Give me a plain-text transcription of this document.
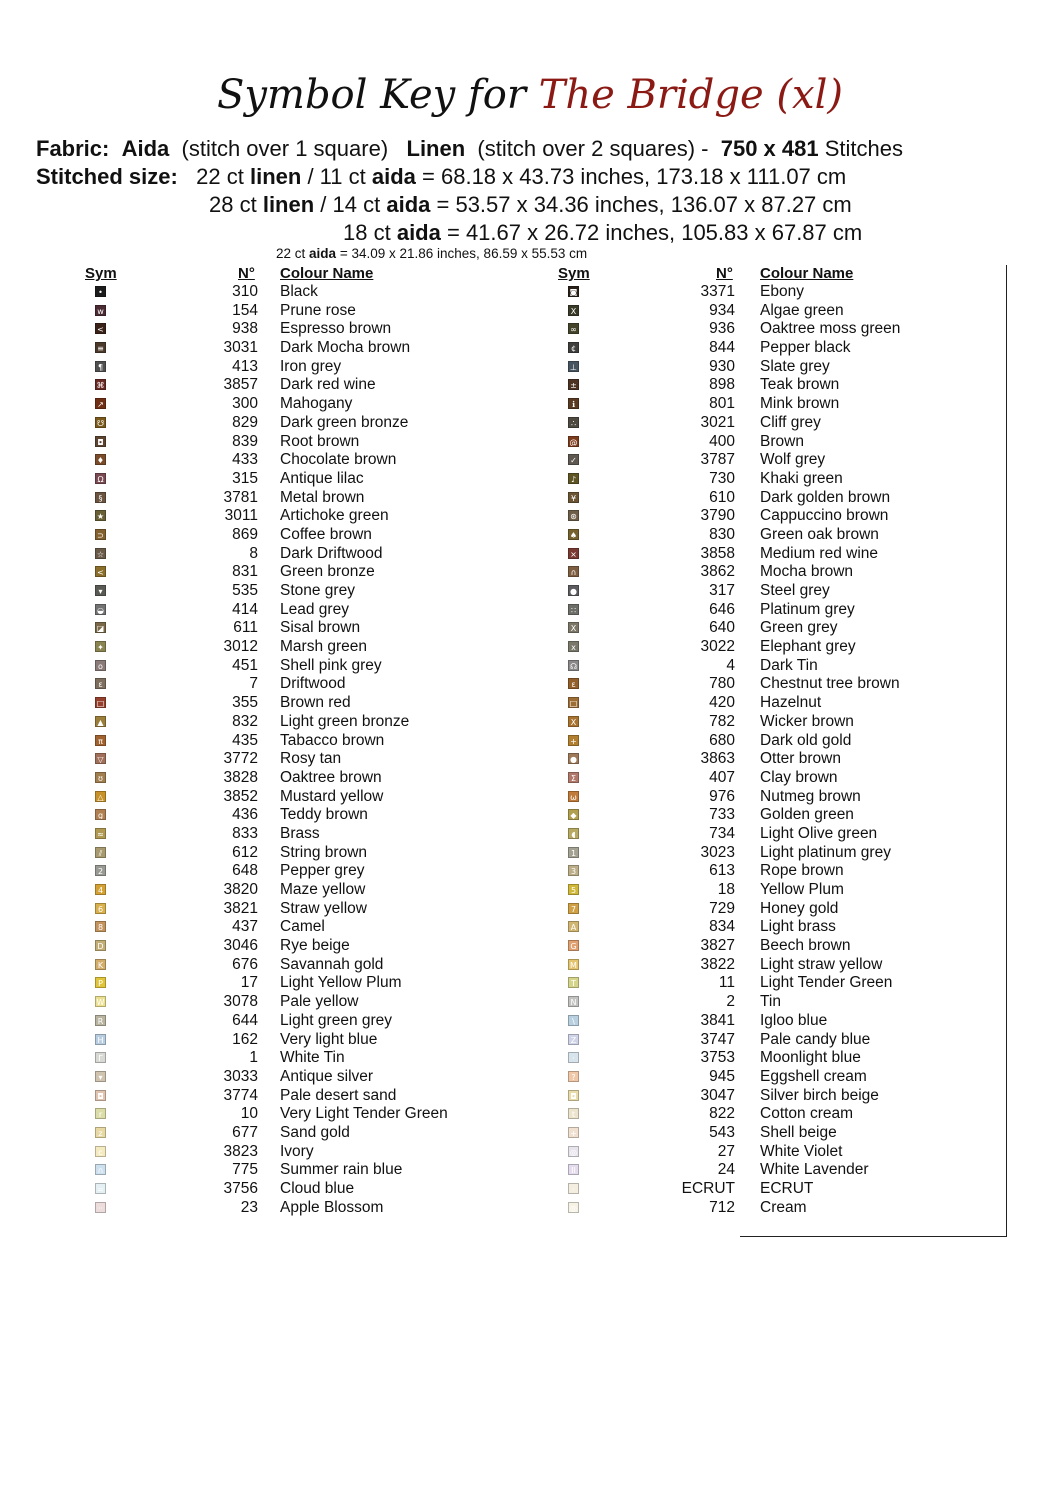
Symbol Key for The Bridge (xl)
Fabric: Aida (stitch over 1 square) Linen (stitch over 2 squares) - 750 x 481 Stitches
Stitched size: 22 ct linen / 11 ct aida = 68.18 x 43.73 inches, 173.18 x 111.07 cm
28 ct linen / 14 ct aida = 53.57 x 34.36 inches, 136.07 x 87.27 cm
18 ct aida = 41.67 x 26.72 inches, 105.83 x 67.87 cm
22 ct aida = 34.09 x 21.86 inches, 86.59 x 55.53 cm
Sym	N° Colour Name	Sym	N° Colour Name
•	310 Black
w	154 Prune rose
<	938 Espresso brown
≡	3031 Dark Mocha brown
¶	413 Iron grey
⌘	3857 Dark red wine
↗	300 Mahogany
☋	829 Dark green bronze
◘	839 Root brown
♦	433 Chocolate brown
Ω	315 Antique lilac
§	3781 Metal brown
★	3011 Artichoke green
⊃	869 Coffee brown
☆	8 Dark Driftwood
<	831 Green bronze
▾	535 Stone grey
◒	414 Lead grey
◪	611 Sisal brown
✦	3012 Marsh green
o	451 Shell pink grey
ε	7 Driftwood
□	355 Brown red
▲	832 Light green bronze
π	435 Tabacco brown
▽	3772 Rosy tan
ʊ	3828 Oaktree brown
△	3852 Mustard yellow
g	436 Teddy brown
≈	833 Brass
⫽	612 String brown
2	648 Pepper grey
4	3820 Maze yellow
6	3821 Straw yellow
8	437 Camel
D	3046 Rye beige
K	676 Savannah gold
P	17 Light Yellow Plum
W	3078 Pale yellow
R	644 Light green grey
H	162 Very light blue
Γ	1 White Tin
▾	3033 Antique silver
◘	3774 Pale desert sand
r	10 Very Light Tender Green
z	677 Sand gold
c	3823 Ivory
∩	775 Summer rain blue
=	3756 Cloud blue
··	23 Apple Blossom
◙	3371 Ebony
X	934 Algae green
∞	936 Oaktree moss green
¢	844 Pepper black
⊥	930 Slate grey
±	898 Teak brown
ℹ	801 Mink brown
∴	3021 Cliff grey
@	400 Brown
✓	3787 Wolf grey
♪	730 Khaki green
¥	610 Dark golden brown
⊛	3790 Cappuccino brown
♠	830 Green oak brown
×	3858 Medium red wine
∩	3862 Mocha brown
●	317 Steel grey
∷	646 Platinum grey
X	640 Green grey
x	3022 Elephant grey
☊	4 Dark Tin
ε	780 Chestnut tree brown
□	420 Hazelnut
X	782 Wicker brown
+	680 Dark old gold
●	3863 Otter brown
Σ	407 Clay brown
ω	976 Nutmeg brown
◆	733 Golden green
◖	734 Light Olive green
1	3023 Light platinum grey
3	613 Rope brown
5	18 Yellow Plum
7	729 Honey gold
A	834 Light brass
G	3827 Beech brown
M	3822 Light straw yellow
T	11 Light Tender Green
N	2 Tin
\	3841 Igloo blue
Z	3747 Pale candy blue
·	3753 Moonlight blue
?	945 Eggshell cream
◘	3047 Silver birch beige
t	822 Cotton cream
+	543 Shell beige
◎	27 White Violet
II	24 White Lavender
·	ECRUT ECRUT
◎	712 Cream
